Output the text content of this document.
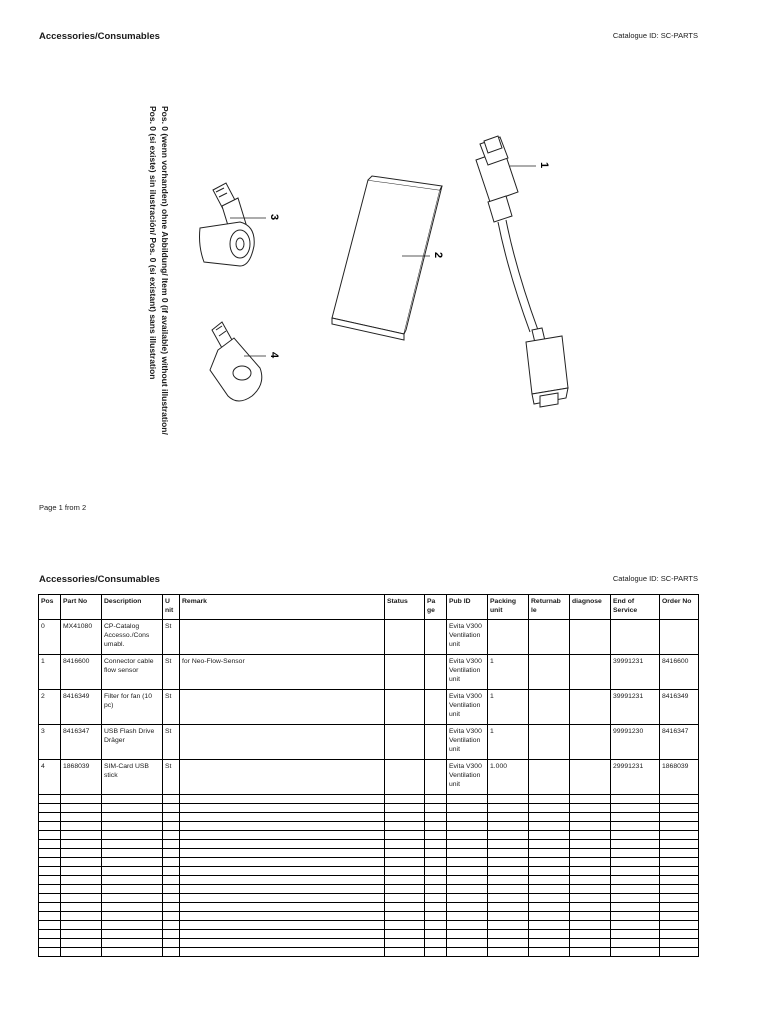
Accessories/Consumables	Catalogue ID: SC-PARTS
Pos. 0 (wenn vorhanden) ohne Abbildung/ Item 0 (if available) without illustration/
Pos. 0 (si existe) sin ilustración/ Pos. 0 (si existant) sans illustration	3
4
2
1
Page 1 from 2
Accessories/Consumables	Catalogue ID: SC-PARTS
Pos	Part No	Description	U nit	Remark	Status	Pa ge	Pub ID	Packing unit	Returnab le	diagnose	End of Service	Order No
0	MX41080	CP-Catalog Accesso./Cons umabl.	St				Evita V300 Ventilation unit					
1	8416600	Connector cable flow sensor	St	for Neo-Flow-Sensor			Evita V300 Ventilation unit	1			39991231	8416600
2	8416349	Filter for fan (10 pc)	St				Evita V300 Ventilation unit	1			39991231	8416349
3	8416347	USB Flash Drive Dräger	St				Evita V300 Ventilation unit	1			99991230	8416347
4	1868039	SIM-Card USB stick	St				Evita V300 Ventilation unit	1.000			29991231	1868039
